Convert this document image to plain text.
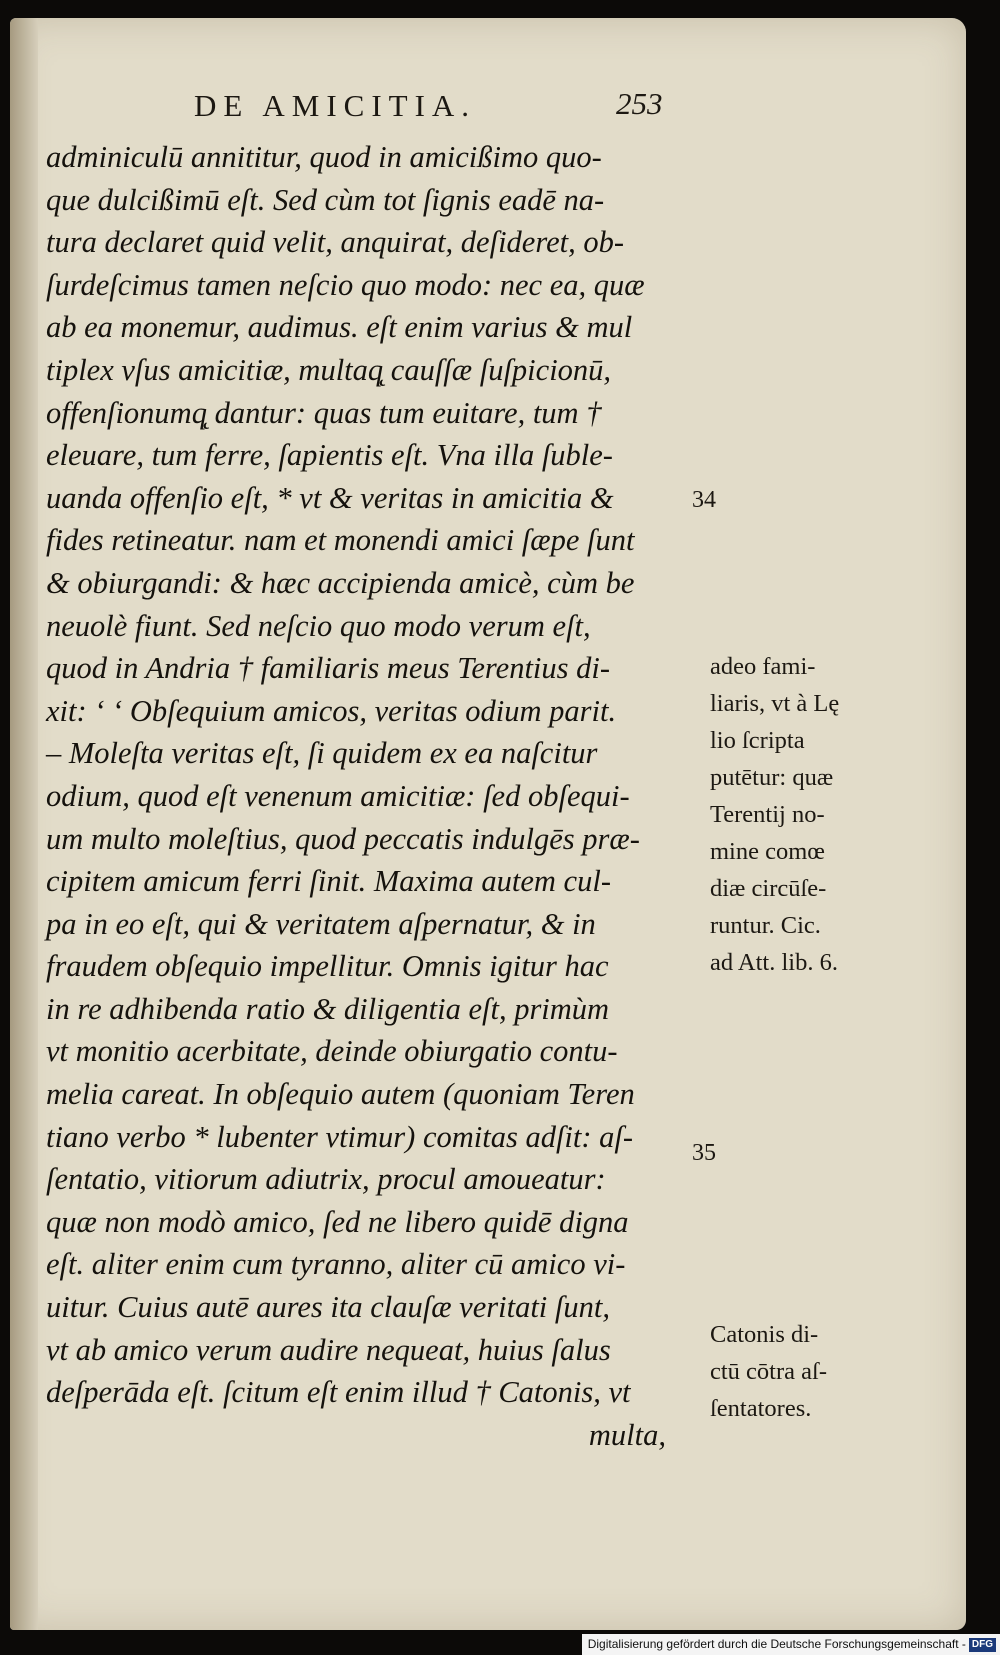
DE AMICITIA.	253
adminiculū annititur, quod in amicißimo quo-
que dulcißimū eſt. Sed cùm tot ſignis eadē na-
tura declaret quid velit, anquirat, deſideret, ob-
ſurdeſcimus tamen neſcio quo modo: nec ea, quæ
ab ea monemur, audimus. eſt enim varius & mul
tiplex vſus amicitiæ, multaq̨ cauſſæ ſuſpicionū,
offenſionumq̨ dantur: quas tum euitare, tum †
eleuare, tum ferre, ſapientis eſt. Vna illa ſuble-
uanda offenſio eſt, * vt & veritas in amicitia &
fides retineatur. nam et monendi amici ſæpe ſunt
& obiurgandi: & hæc accipienda amicè, cùm be
neuolè fiunt. Sed neſcio quo modo verum eſt,
quod in Andria † familiaris meus Terentius di-
xit: ‘ ‘ Obſequium amicos, veritas odium parit.
– Moleſta veritas eſt, ſi quidem ex ea naſcitur
odium, quod eſt venenum amicitiæ: ſed obſequi-
um multo moleſtius, quod peccatis indulgēs præ-
cipitem amicum ferri ſinit. Maxima autem cul-
pa in eo eſt, qui & veritatem aſpernatur, & in
fraudem obſequio impellitur. Omnis igitur hac
in re adhibenda ratio & diligentia eſt, primùm
vt monitio acerbitate, deinde obiurgatio contu-
melia careat. In obſequio autem (quoniam Teren
tiano verbo * lubenter vtimur) comitas adſit: aſ-
ſentatio, vitiorum adiutrix, procul amoueatur:
quæ non modò amico, ſed ne libero quidē digna
eſt. aliter enim cum tyranno, aliter cū amico vi-
uitur. Cuius autē aures ita clauſæ veritati ſunt,
vt ab amico verum audire nequeat, huius ſalus
deſperāda eſt. ſcitum eſt enim illud † Catonis, vt
multa,
34
35
adeo fami-
liaris, vt à Lę
lio ſcripta
putētur: quæ
Terentij no-
mine comœ
diæ circūſe-
runtur. Cic.
ad Att. lib. 6.
Catonis di-
ctū cōtra aſ-
ſentatores.
Digitalisierung gefördert durch die Deutsche Forschungsgemeinschaft - DFG
